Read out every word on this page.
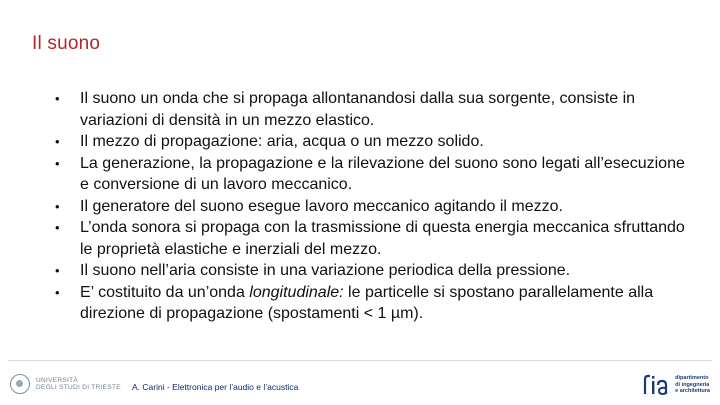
Il suono
•	Il suono un onda che si propaga allontanandosi dalla sua sorgente, consiste in variazioni di densità in un mezzo elastico.
•	Il mezzo di propagazione: aria, acqua o un mezzo solido.
•	La generazione, la propagazione e la rilevazione del suono sono legati all’esecuzione e conversione di un lavoro meccanico.
•	Il generatore del suono esegue lavoro meccanico agitando il mezzo.
•	L’onda sonora si propaga con la trasmissione di questa energia meccanica sfruttando le proprietà elastiche e inerziali del mezzo.
•	Il suono nell’aria consiste in una variazione periodica della pressione.
•	E’ costituito da un’onda longitudinale: le particelle si spostano parallelamente alla direzione di propagazione (spostamenti < 1 µm).
UNIVERSITÀ
DEGLI STUDI DI TRIESTE A. Carini - Elettronica per l’audio e l’acustica
dipartimento
di ingegneria
e architettura
